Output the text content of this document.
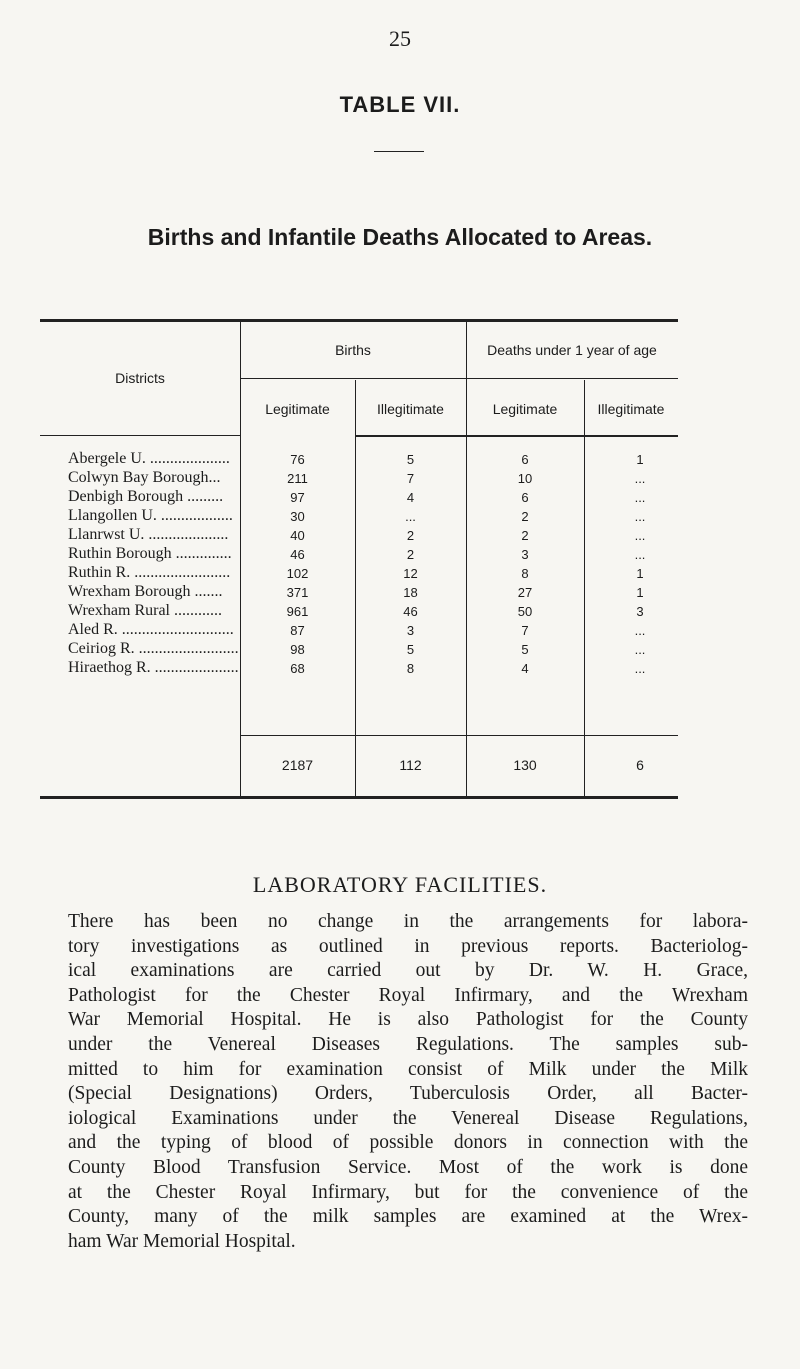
25
TABLE VII.
Births and Infantile Deaths Allocated to Areas.
Districts
Births	Deaths under 1 year of age
Legitimate	Illegitimate	Legitimate	Illegitimate
Abergele U. ....................	76	5	6	1
Colwyn Bay Borough...	211	7	10	...
Denbigh Borough .........	97	4	6	...
Llangollen U. ..................	30	...	2	...
Llanrwst U. ....................	40	2	2	...
Ruthin Borough ..............	46	2	3	...
Ruthin R. ........................	102	12	8	1
Wrexham Borough .......	371	18	27	1
Wrexham Rural ............	961	46	50	3
Aled R. ............................	87	3	7	...
Ceiriog R. .........................	98	5	5	...
Hiraethog R. .....................	68	8	4	...
2187	112	130	6
LABORATORY FACILITIES.
There has been no change in the arrangements for labora-
tory investigations as outlined in previous reports. Bacteriolog-
ical examinations are carried out by Dr. W. H. Grace,
Pathologist for the Chester Royal Infirmary, and the Wrexham
War Memorial Hospital. He is also Pathologist for the County
under the Venereal Diseases Regulations. The samples sub-
mitted to him for examination consist of Milk under the Milk
(Special Designations) Orders, Tuberculosis Order, all Bacter-
iological Examinations under the Venereal Disease Regulations,
and the typing of blood of possible donors in connection with the
County Blood Transfusion Service. Most of the work is done
at the Chester Royal Infirmary, but for the convenience of the
County, many of the milk samples are examined at the Wrex-
ham War Memorial Hospital.
